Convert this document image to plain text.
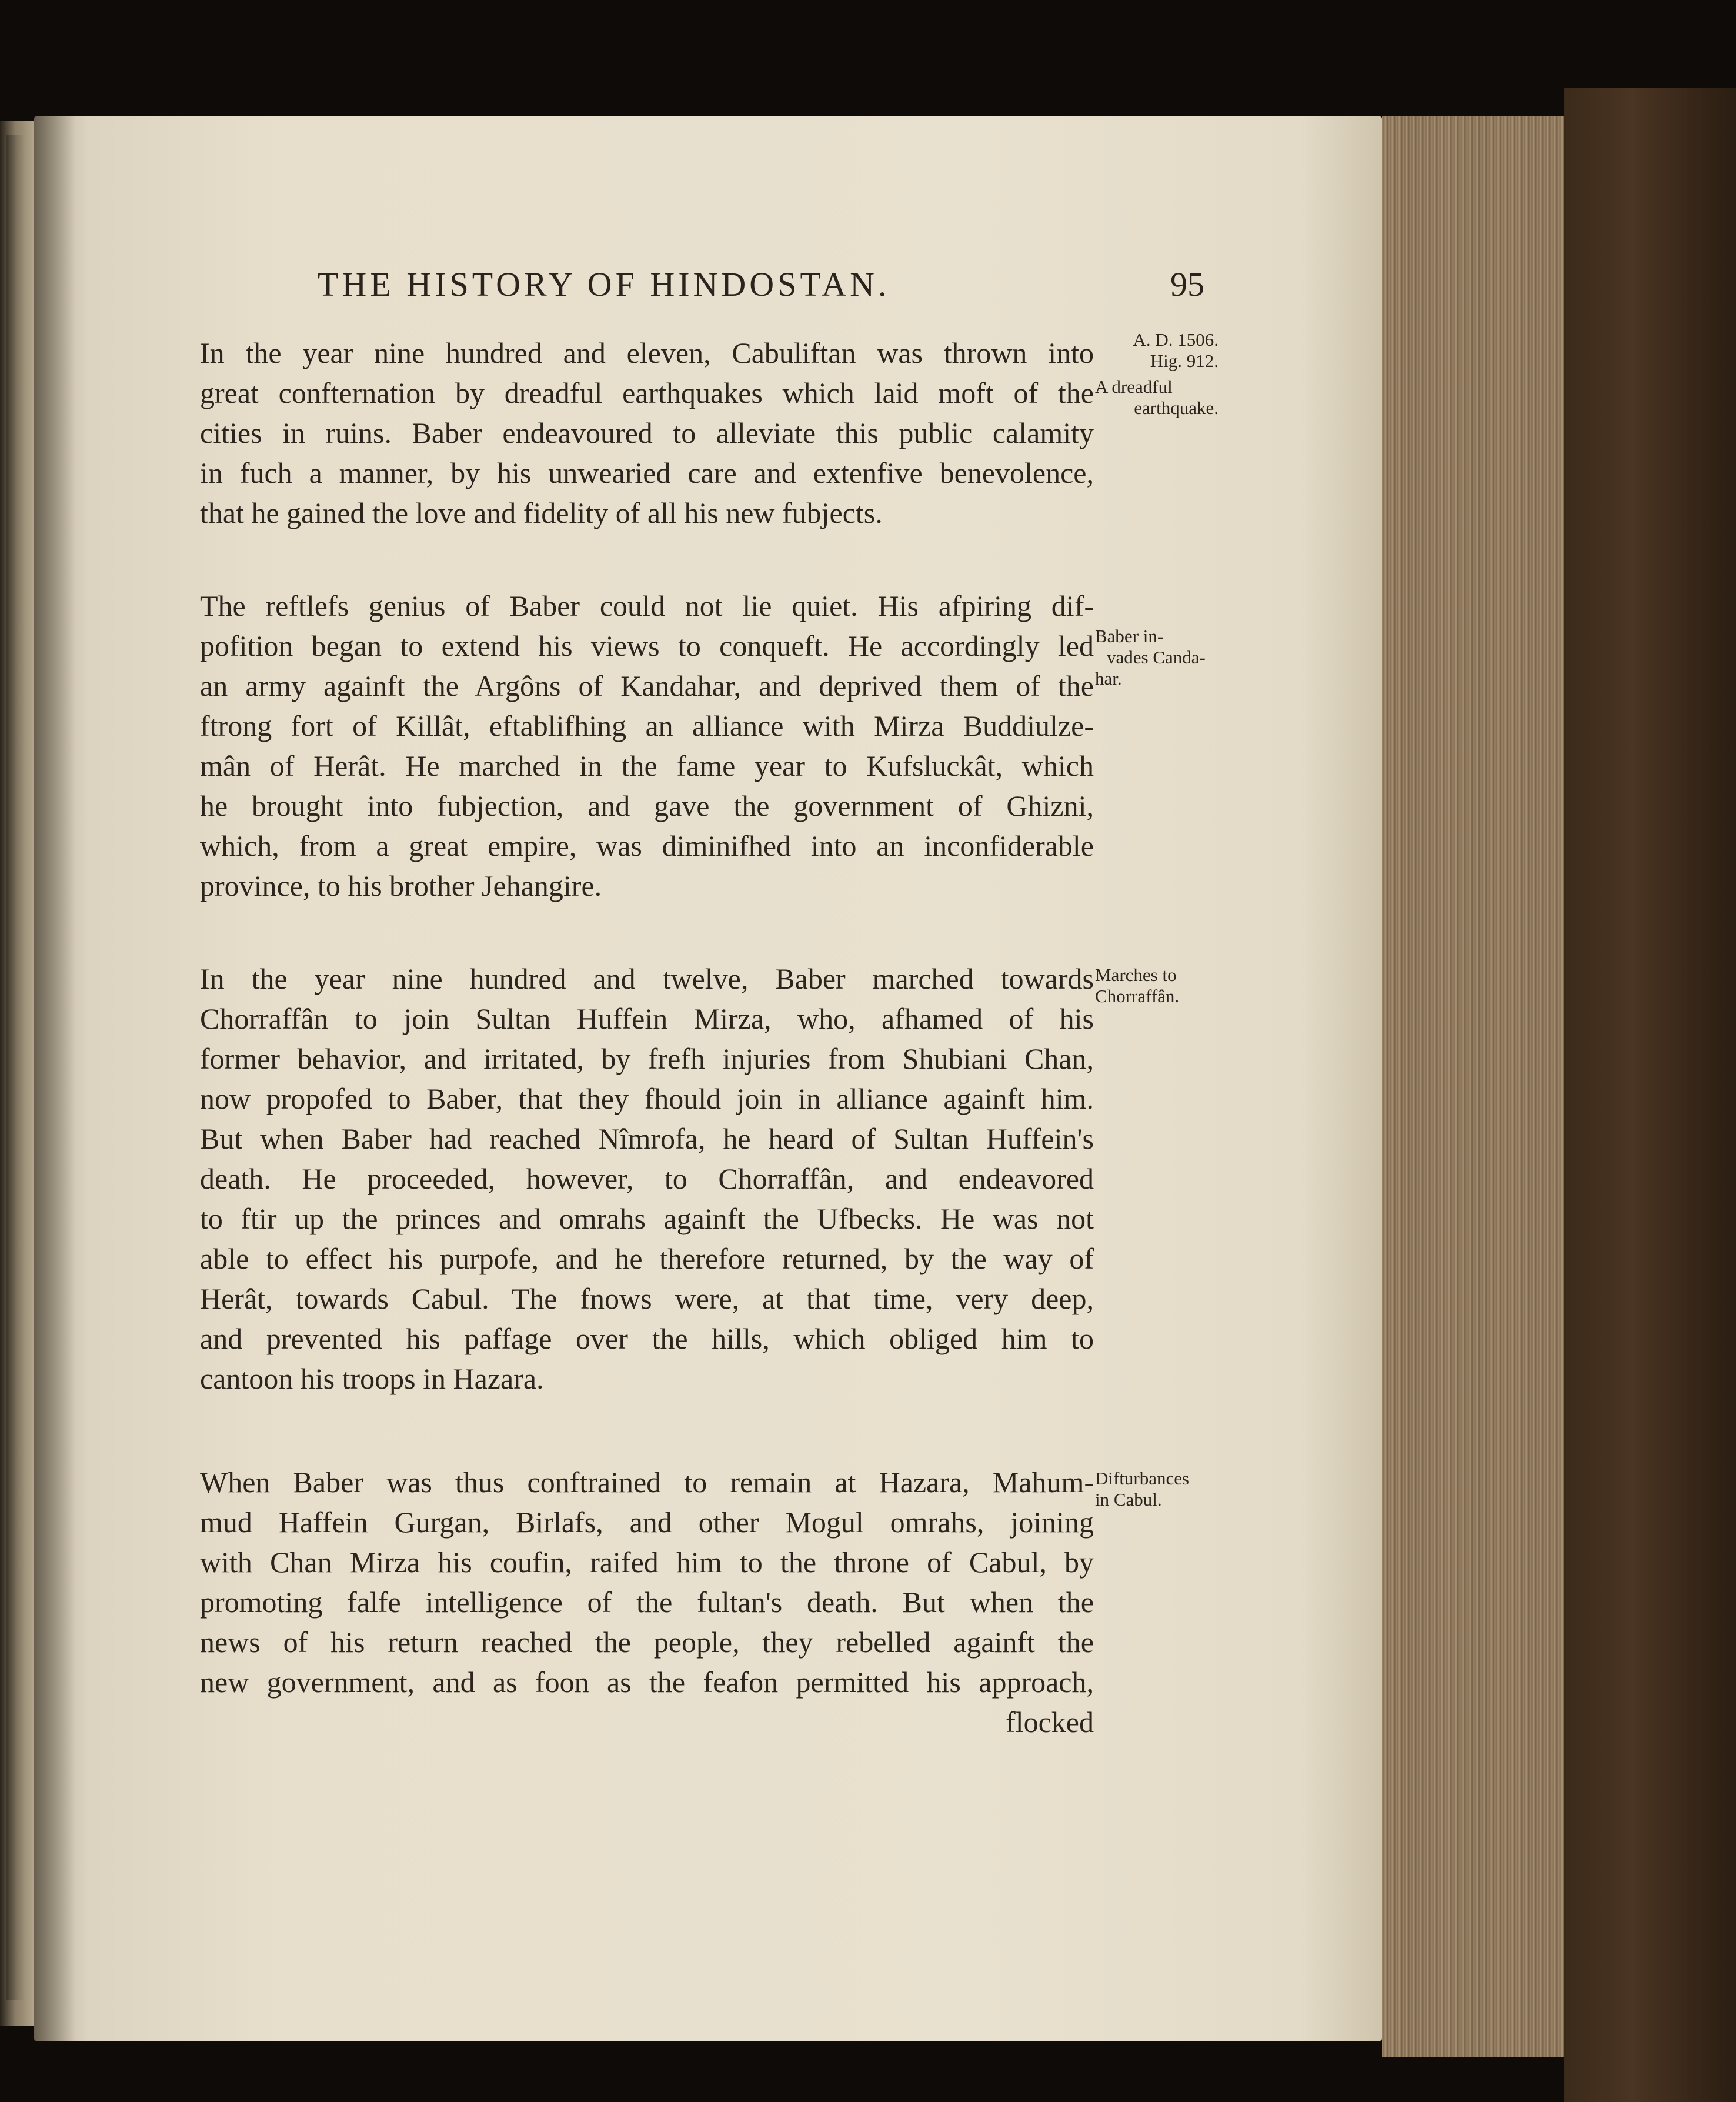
THE HISTORY OF HINDOSTAN.	95
In the year nine hundred and eleven, Cabuliftan was thrown into
great confternation by dreadful earthquakes which laid moft of the
cities in ruins. Baber endeavoured to alleviate this public calamity
in fuch a manner, by his unwearied care and extenfive benevolence,
that he gained the love and fidelity of all his new fubjects.
The reftlefs genius of Baber could not lie quiet. His afpiring dif-
pofition began to extend his views to conqueft. He accordingly led
an army againft the Argôns of Kandahar, and deprived them of the
ftrong fort of Killât, eftablifhing an alliance with Mirza Buddiulze-
mân of Herât. He marched in the fame year to Kufsluckât, which
he brought into fubjection, and gave the government of Ghizni,
which, from a great empire, was diminifhed into an inconfiderable
province, to his brother Jehangire.
In the year nine hundred and twelve, Baber marched towards
Chorraffân to join Sultan Huffein Mirza, who, afhamed of his
former behavior, and irritated, by frefh injuries from Shubiani Chan,
now propofed to Baber, that they fhould join in alliance againft him.
But when Baber had reached Nîmrofa, he heard of Sultan Huffein's
death. He proceeded, however, to Chorraffân, and endeavored
to ftir up the princes and omrahs againft the Ufbecks. He was not
able to effect his purpofe, and he therefore returned, by the way of
Herât, towards Cabul. The fnows were, at that time, very deep,
and prevented his paffage over the hills, which obliged him to
cantoon his troops in Hazara.
When Baber was thus conftrained to remain at Hazara, Mahum-
mud Haffein Gurgan, Birlafs, and other Mogul omrahs, joining
with Chan Mirza his coufin, raifed him to the throne of Cabul, by
promoting falfe intelligence of the fultan's death. But when the
news of his return reached the people, they rebelled againft the
new government, and as foon as the feafon permitted his approach,
flocked
A. D. 1506.
Hig. 912.
A dreadful
earthquake.
Baber in-
vades Canda-
har.
Marches to
Chorraffân.
Difturbances
in Cabul.
